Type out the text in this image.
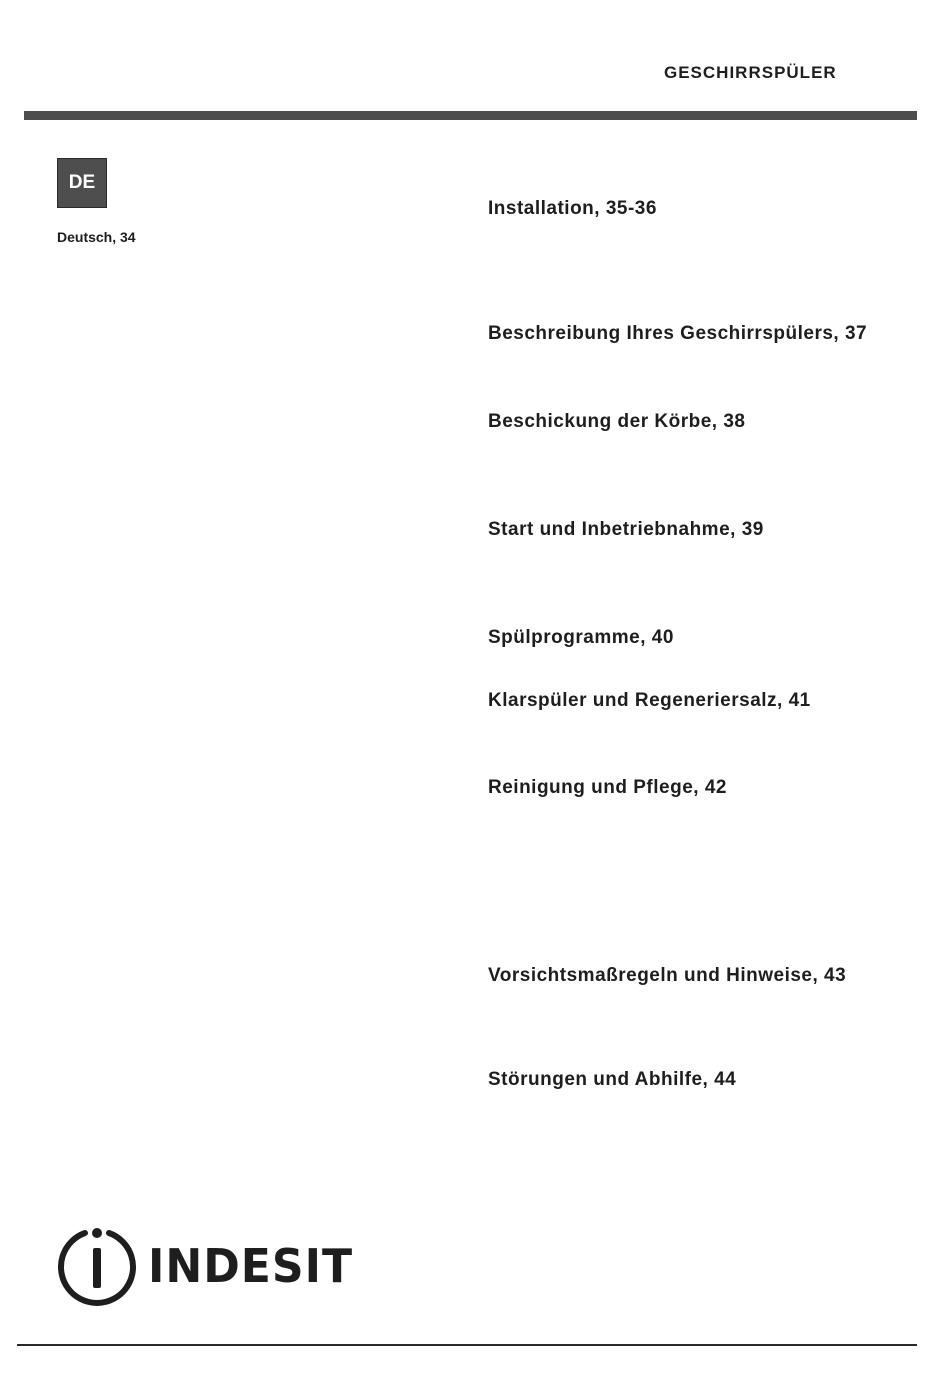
GESCHIRRSPÜLER
DE
Deutsch, 34
Installation, 35-36
Beschreibung Ihres Geschirrspülers, 37
Beschickung der Körbe, 38
Start und Inbetriebnahme, 39
Spülprogramme, 40
Klarspüler und Regeneriersalz, 41
Reinigung und Pflege, 42
Vorsichtsmaßregeln und Hinweise, 43
Störungen und Abhilfe, 44
INDESIT
